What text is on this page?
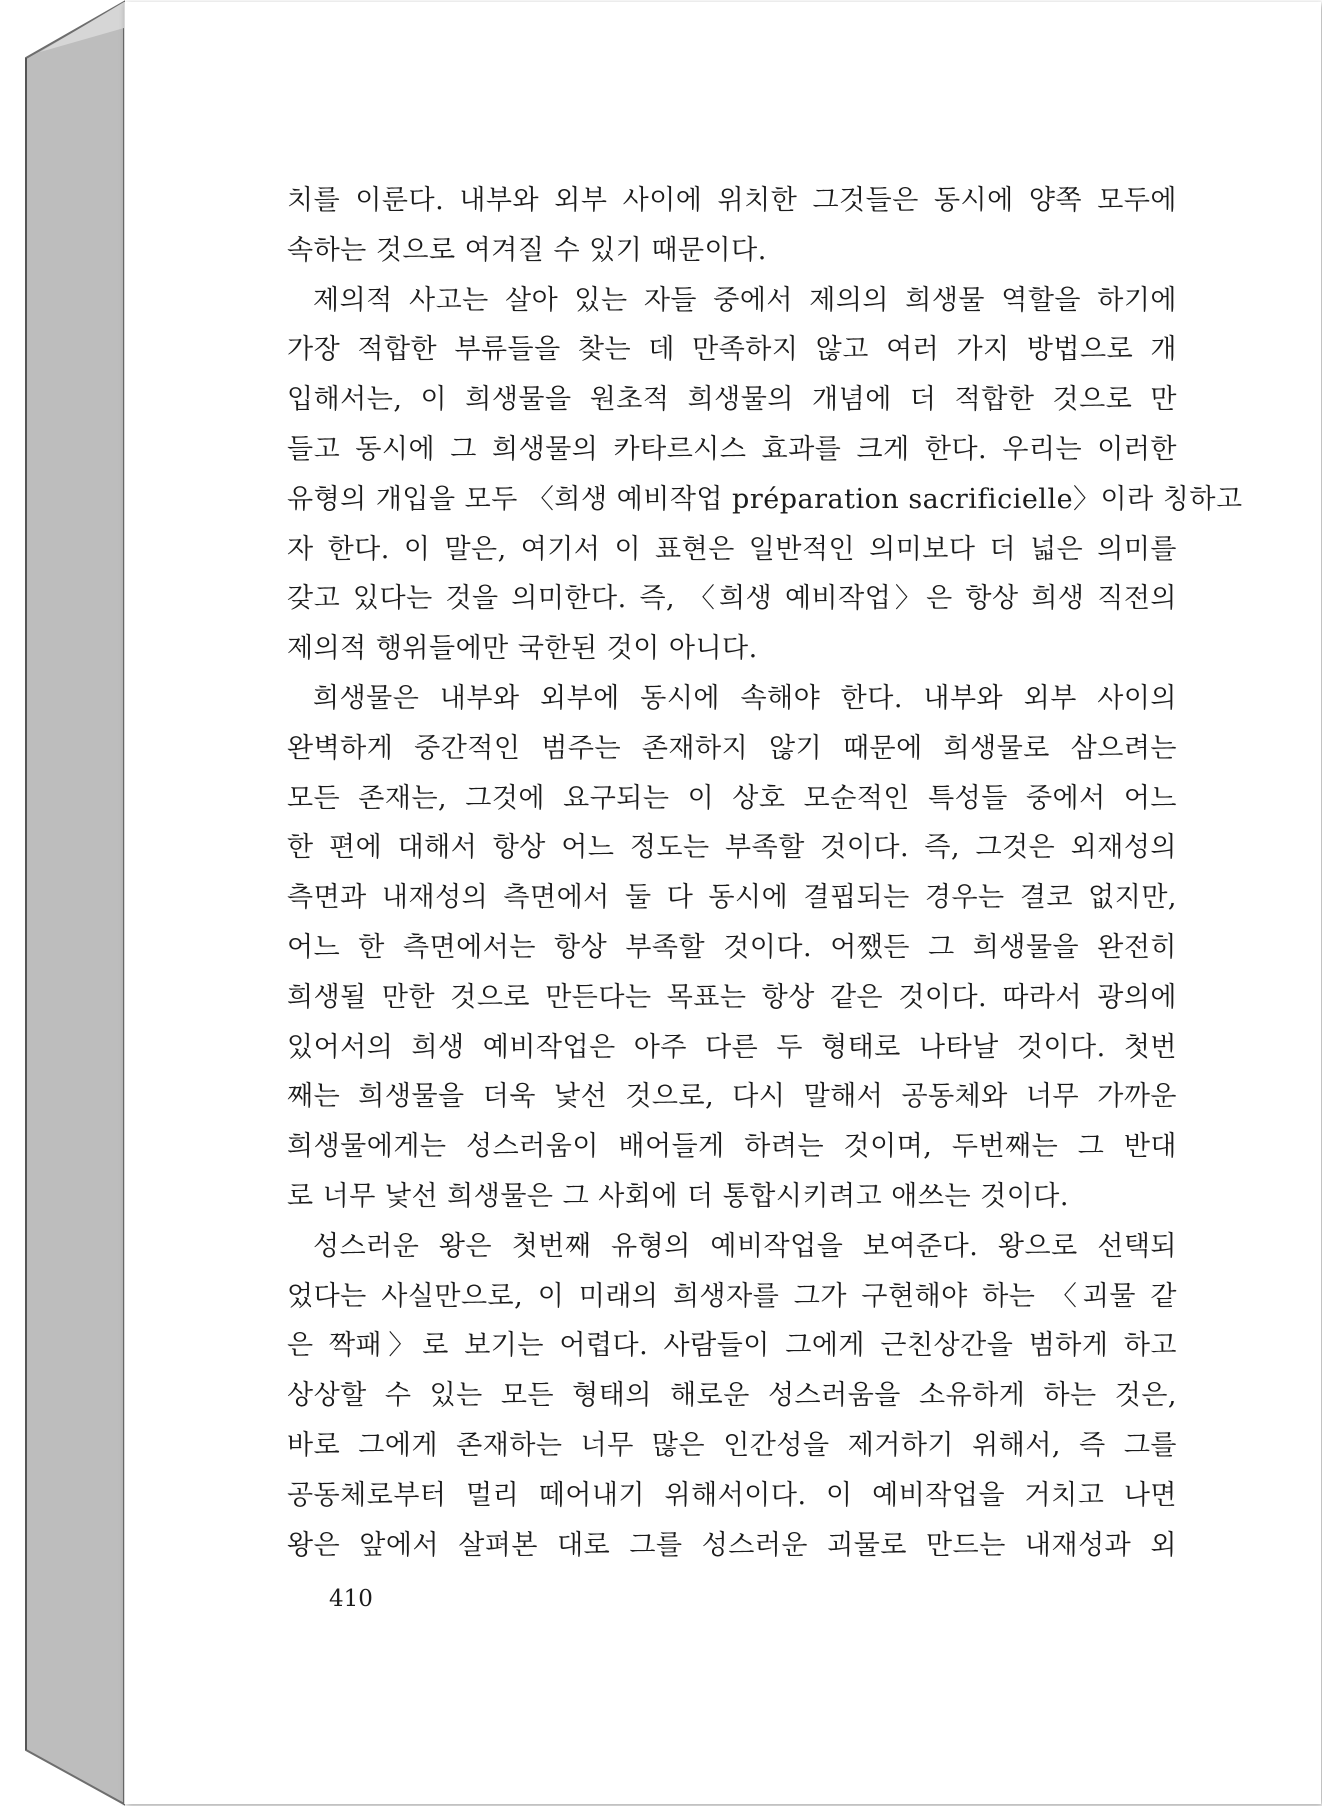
치를 이룬다. 내부와 외부 사이에 위치한 그것들은 동시에 양쪽 모두에
속하는 것으로 여겨질 수 있기 때문이다.
제의적 사고는 살아 있는 자들 중에서 제의의 희생물 역할을 하기에
가장 적합한 부류들을 찾는 데 만족하지 않고 여러 가지 방법으로 개
입해서는, 이 희생물을 원초적 희생물의 개념에 더 적합한 것으로 만
들고 동시에 그 희생물의 카타르시스 효과를 크게 한다. 우리는 이러한
유형의 개입을 모두 〈희생 예비작업 préparation sacrificielle〉이라 칭하고
자 한다. 이 말은, 여기서 이 표현은 일반적인 의미보다 더 넓은 의미를
갖고 있다는 것을 의미한다. 즉, 〈희생 예비작업〉은 항상 희생 직전의
제의적 행위들에만 국한된 것이 아니다.
희생물은 내부와 외부에 동시에 속해야 한다. 내부와 외부 사이의
완벽하게 중간적인 범주는 존재하지 않기 때문에 희생물로 삼으려는
모든 존재는, 그것에 요구되는 이 상호 모순적인 특성들 중에서 어느
한 편에 대해서 항상 어느 정도는 부족할 것이다. 즉, 그것은 외재성의
측면과 내재성의 측면에서 둘 다 동시에 결핍되는 경우는 결코 없지만,
어느 한 측면에서는 항상 부족할 것이다. 어쨌든 그 희생물을 완전히
희생될 만한 것으로 만든다는 목표는 항상 같은 것이다. 따라서 광의에
있어서의 희생 예비작업은 아주 다른 두 형태로 나타날 것이다. 첫번
째는 희생물을 더욱 낯선 것으로, 다시 말해서 공동체와 너무 가까운
희생물에게는 성스러움이 배어들게 하려는 것이며, 두번째는 그 반대
로 너무 낯선 희생물은 그 사회에 더 통합시키려고 애쓰는 것이다.
성스러운 왕은 첫번째 유형의 예비작업을 보여준다. 왕으로 선택되
었다는 사실만으로, 이 미래의 희생자를 그가 구현해야 하는 〈괴물 같
은 짝패〉로 보기는 어렵다. 사람들이 그에게 근친상간을 범하게 하고
상상할 수 있는 모든 형태의 해로운 성스러움을 소유하게 하는 것은,
바로 그에게 존재하는 너무 많은 인간성을 제거하기 위해서, 즉 그를
공동체로부터 멀리 떼어내기 위해서이다. 이 예비작업을 거치고 나면
왕은 앞에서 살펴본 대로 그를 성스러운 괴물로 만드는 내재성과 외
410
